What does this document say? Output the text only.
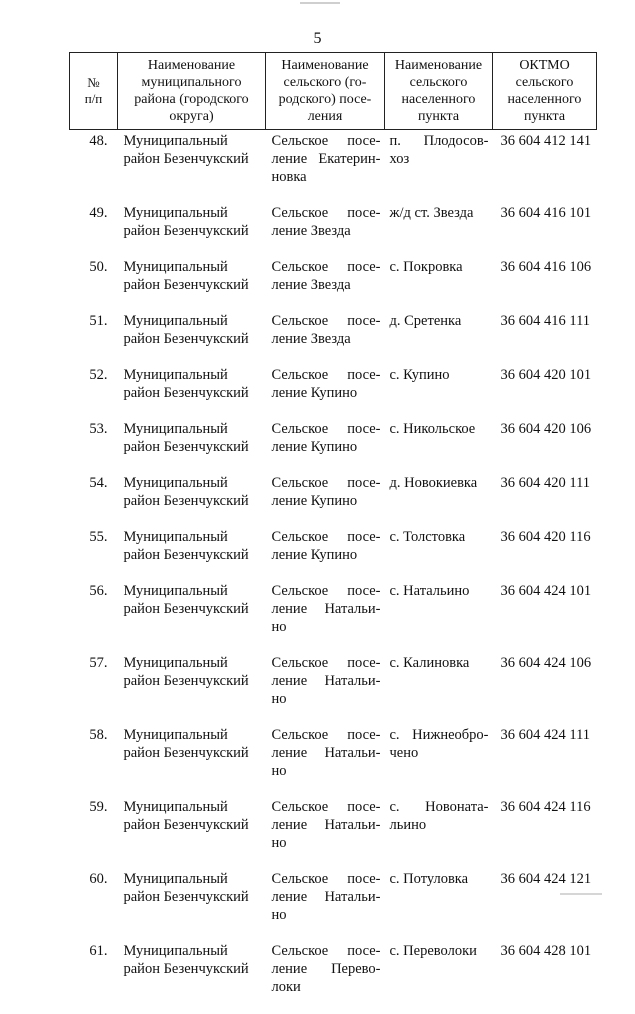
5
№
п/п	Наименование
муниципального
района (городского
округа)	Наименование
сельского (го-
родского) посе-
ления	Наименование
сельского
населенного
пункта	ОКТМО
сельского
населенного
пункта

48.	Муниципальный
район Безенчукский	Сельское посе-
ление Екатерин-
новка	п. Плодосов-
хоз	36 604 412 141
49.	Муниципальный
район Безенчукский	Сельское посе-
ление Звезда	ж/д ст. Звезда	36 604 416 101
50.	Муниципальный
район Безенчукский	Сельское посе-
ление Звезда	с. Покровка	36 604 416 106
51.	Муниципальный
район Безенчукский	Сельское посе-
ление Звезда	д. Сретенка	36 604 416 111
52.	Муниципальный
район Безенчукский	Сельское посе-
ление Купино	с. Купино	36 604 420 101
53.	Муниципальный
район Безенчукский	Сельское посе-
ление Купино	с. Никольское	36 604 420 106
54.	Муниципальный
район Безенчукский	Сельское посе-
ление Купино	д. Новокиевка	36 604 420 111
55.	Муниципальный
район Безенчукский	Сельское посе-
ление Купино	с. Толстовка	36 604 420 116
56.	Муниципальный
район Безенчукский	Сельское посе-
ление Натальи-
но	с. Натальино	36 604 424 101
57.	Муниципальный
район Безенчукский	Сельское посе-
ление Натальи-
но	с. Калиновка	36 604 424 106
58.	Муниципальный
район Безенчукский	Сельское посе-
ление Натальи-
но	с. Нижнеобро-
чено	36 604 424 111
59.	Муниципальный
район Безенчукский	Сельское посе-
ление Натальи-
но	с. Новоната-
льино	36 604 424 116
60.	Муниципальный
район Безенчукский	Сельское посе-
ление Натальи-
но	с. Потуловка	36 604 424 121
61.	Муниципальный
район Безенчукский	Сельское посе-
ление Перево-
локи	с. Переволоки	36 604 428 101
